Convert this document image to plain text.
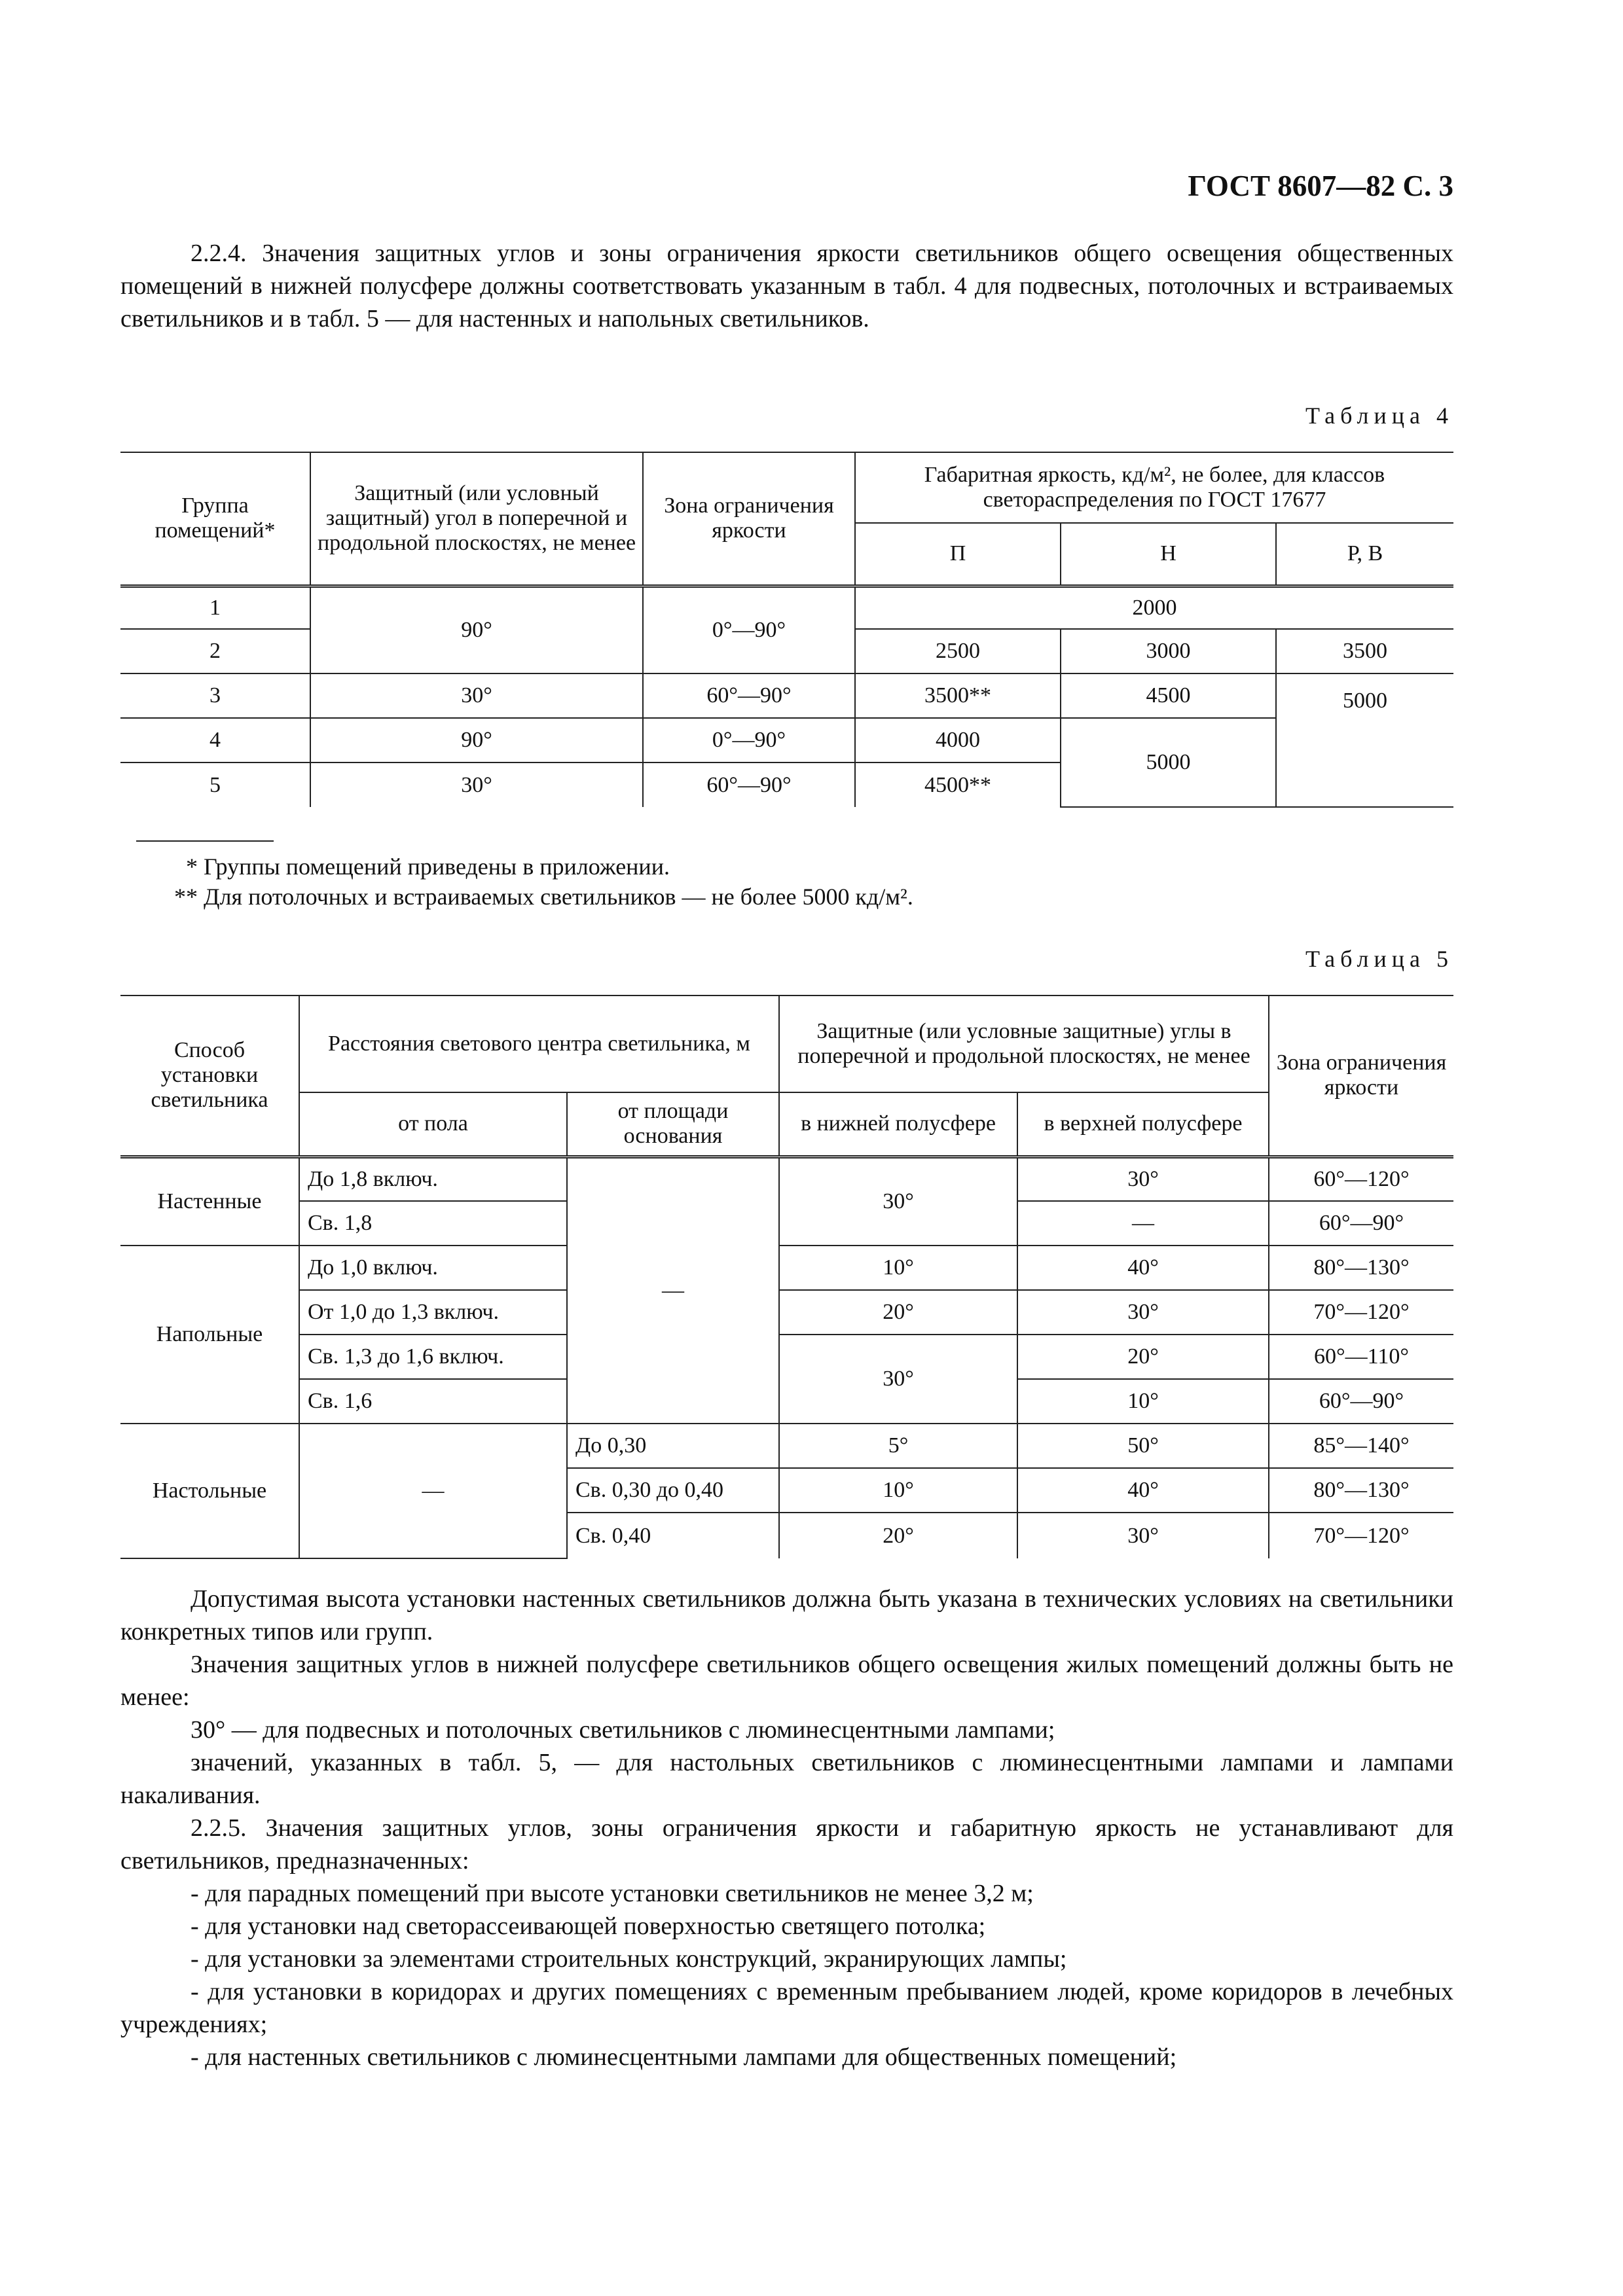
ГОСТ 8607—82 С. 3

2.2.4. Значения защитных углов и зоны ограничения яркости светильников общего освещения общественных помещений в нижней полусфере должны соответствовать указанным в табл. 4 для подвесных, потолочных и встраиваемых светильников и в табл. 5 — для настенных и напольных светильников.

Таблица 4
Группа помещений*	Защитный (или условный защитный) угол в поперечной и продольной плоскостях, не менее	Зона ограничения яркости	Габаритная яркость, кд/м², не более, для классов светораспределения по ГОСТ 17677		
			П	Н	Р, В
1	90°	0°—90°	2000		
2			2500	3000	3500
3	30°	60°—90°	3500**	4500	5000
4	90°	0°—90°	4000	5000	
5	30°	60°—90°	4500**		
* Группы помещений приведены в приложении.
** Для потолочных и встраиваемых светильников — не более 5000 кд/м².
Таблица 5
Способ установки светильника	Расстояния светового центра светильника, м		Защитные (или условные защитные) углы в поперечной и продольной плоскостях, не менее		Зона ограничения яркости
	от пола	от площади основания	в нижней полусфере	в верхней полусфере	
Настенные	До 1,8 включ.	—	30°	30°	60°—120°
	Св. 1,8			—	60°—90°
Напольные	До 1,0 включ.		10°	40°	80°—130°
	От 1,0 до 1,3 включ.		20°	30°	70°—120°
	Св. 1,3 до 1,6 включ.		30°	20°	60°—110°
	Св. 1,6			10°	60°—90°
Настольные	—	До 0,30	5°	50°	85°—140°
		Св. 0,30 до 0,40	10°	40°	80°—130°
		Св. 0,40	20°	30°	70°—120°

Допустимая высота установки настенных светильников должна быть указана в технических условиях на светильники конкретных типов или групп.

Значения защитных углов в нижней полусфере светильников общего освещения жилых помещений должны быть не менее:

30° — для подвесных и потолочных светильников с люминесцентными лампами;

значений, указанных в табл. 5, — для настольных светильников с люминесцентными лампами и лампами накаливания.

2.2.5. Значения защитных углов, зоны ограничения яркости и габаритную яркость не устанавливают для светильников, предназначенных:

- для парадных помещений при высоте установки светильников не менее 3,2 м;

- для установки над светорассеивающей поверхностью светящего потолка;

- для установки за элементами строительных конструкций, экранирующих лампы;

- для установки в коридорах и других помещениях с временным пребыванием людей, кроме коридоров в лечебных учреждениях;

- для настенных светильников с люминесцентными лампами для общественных помещений;
